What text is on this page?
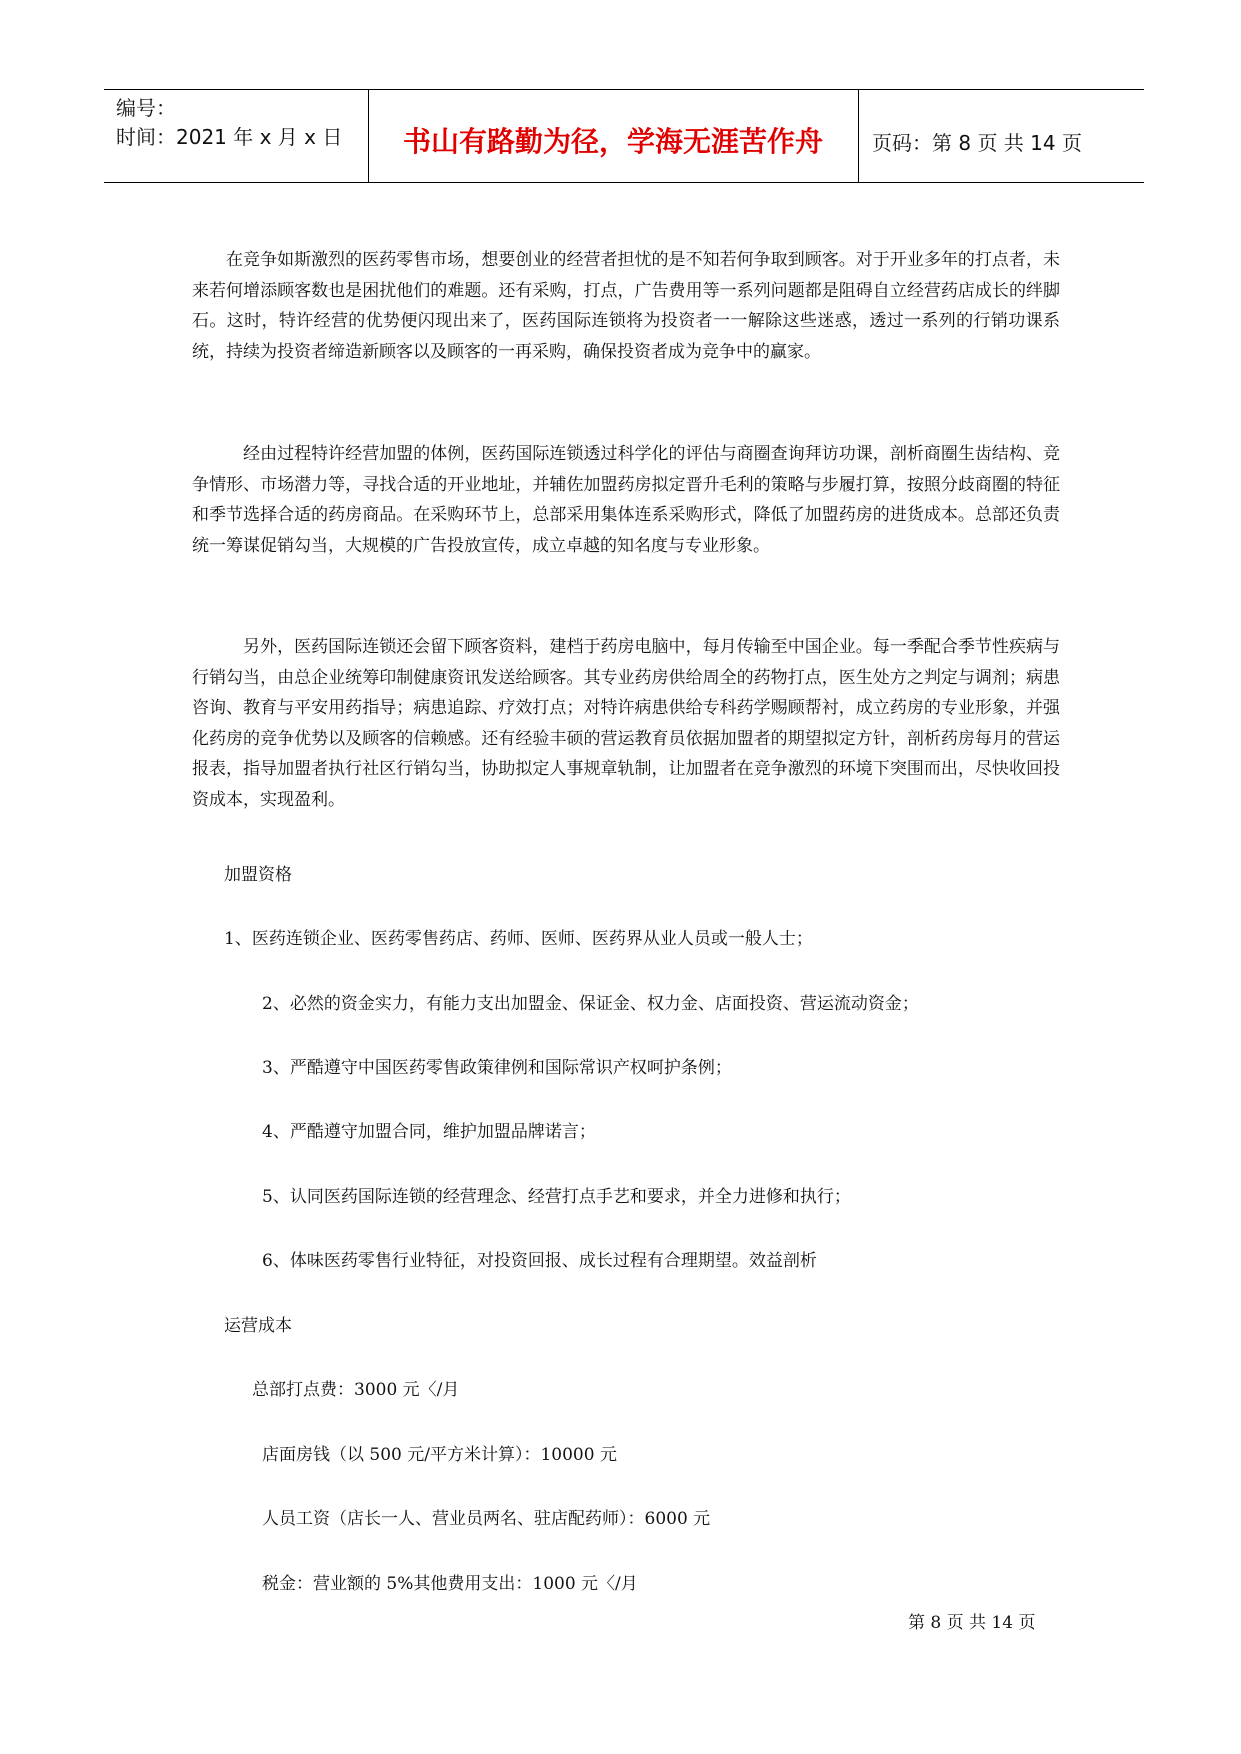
编号：
时间：2021 年 x 月 x 日	书山有路勤为径，学海无涯苦作舟	页码：第 8 页 共 14 页

　　在竞争如斯激烈的医药零售市场，想要创业的经营者担忧的是不知若何争取到顾客。对于开业多年的打点者，未来若何增添顾客数也是困扰他们的难题。还有采购，打点，广告费用等一系列问题都是阻碍自立经营药店成长的绊脚石。这时，特许经营的优势便闪现出来了，医药国际连锁将为投资者一一解除这些迷惑，透过一系列的行销功课系统，持续为投资者缔造新顾客以及顾客的一再采购，确保投资者成为竞争中的赢家。

　　　经由过程特许经营加盟的体例，医药国际连锁透过科学化的评估与商圈查询拜访功课，剖析商圈生齿结构、竞争情形、市场潜力等，寻找合适的开业地址，并辅佐加盟药房拟定晋升毛利的策略与步履打算，按照分歧商圈的特征和季节选择合适的药房商品。在采购环节上，总部采用集体连系采购形式，降低了加盟药房的进货成本。总部还负责统一筹谋促销勾当，大规模的广告投放宣传，成立卓越的知名度与专业形象。

　　　另外，医药国际连锁还会留下顾客资料，建档于药房电脑中，每月传输至中国企业。每一季配合季节性疾病与行销勾当，由总企业统筹印制健康资讯发送给顾客。其专业药房供给周全的药物打点，医生处方之判定与调剂；病患咨询、教育与平安用药指导；病患追踪、疗效打点；对特许病患供给专科药学赐顾帮衬，成立药房的专业形象，并强化药房的竞争优势以及顾客的信赖感。还有经验丰硕的营运教育员依据加盟者的期望拟定方针，剖析药房每月的营运报表，指导加盟者执行社区行销勾当，协助拟定人事规章轨制，让加盟者在竞争激烈的环境下突围而出，尽快收回投资成本，实现盈利。

加盟资格
1、医药连锁企业、医药零售药店、药师、医师、医药界从业人员或一般人士；
2、必然的资金实力，有能力支出加盟金、保证金、权力金、店面投资、营运流动资金；
3、严酷遵守中国医药零售政策律例和国际常识产权呵护条例；
4、严酷遵守加盟合同，维护加盟品牌诺言；
5、认同医药国际连锁的经营理念、经营打点手艺和要求，并全力进修和执行；
6、体味医药零售行业特征，对投资回报、成长过程有合理期望。效益剖析
运营成本
总部打点费：3000 元〈/月
店面房钱（以 500 元/平方米计算）：10000 元
人员工资（店长一人、营业员两名、驻店配药师）：6000 元
税金：营业额的 5%其他费用支出：1000 元〈/月
第 8 页 共 14 页
